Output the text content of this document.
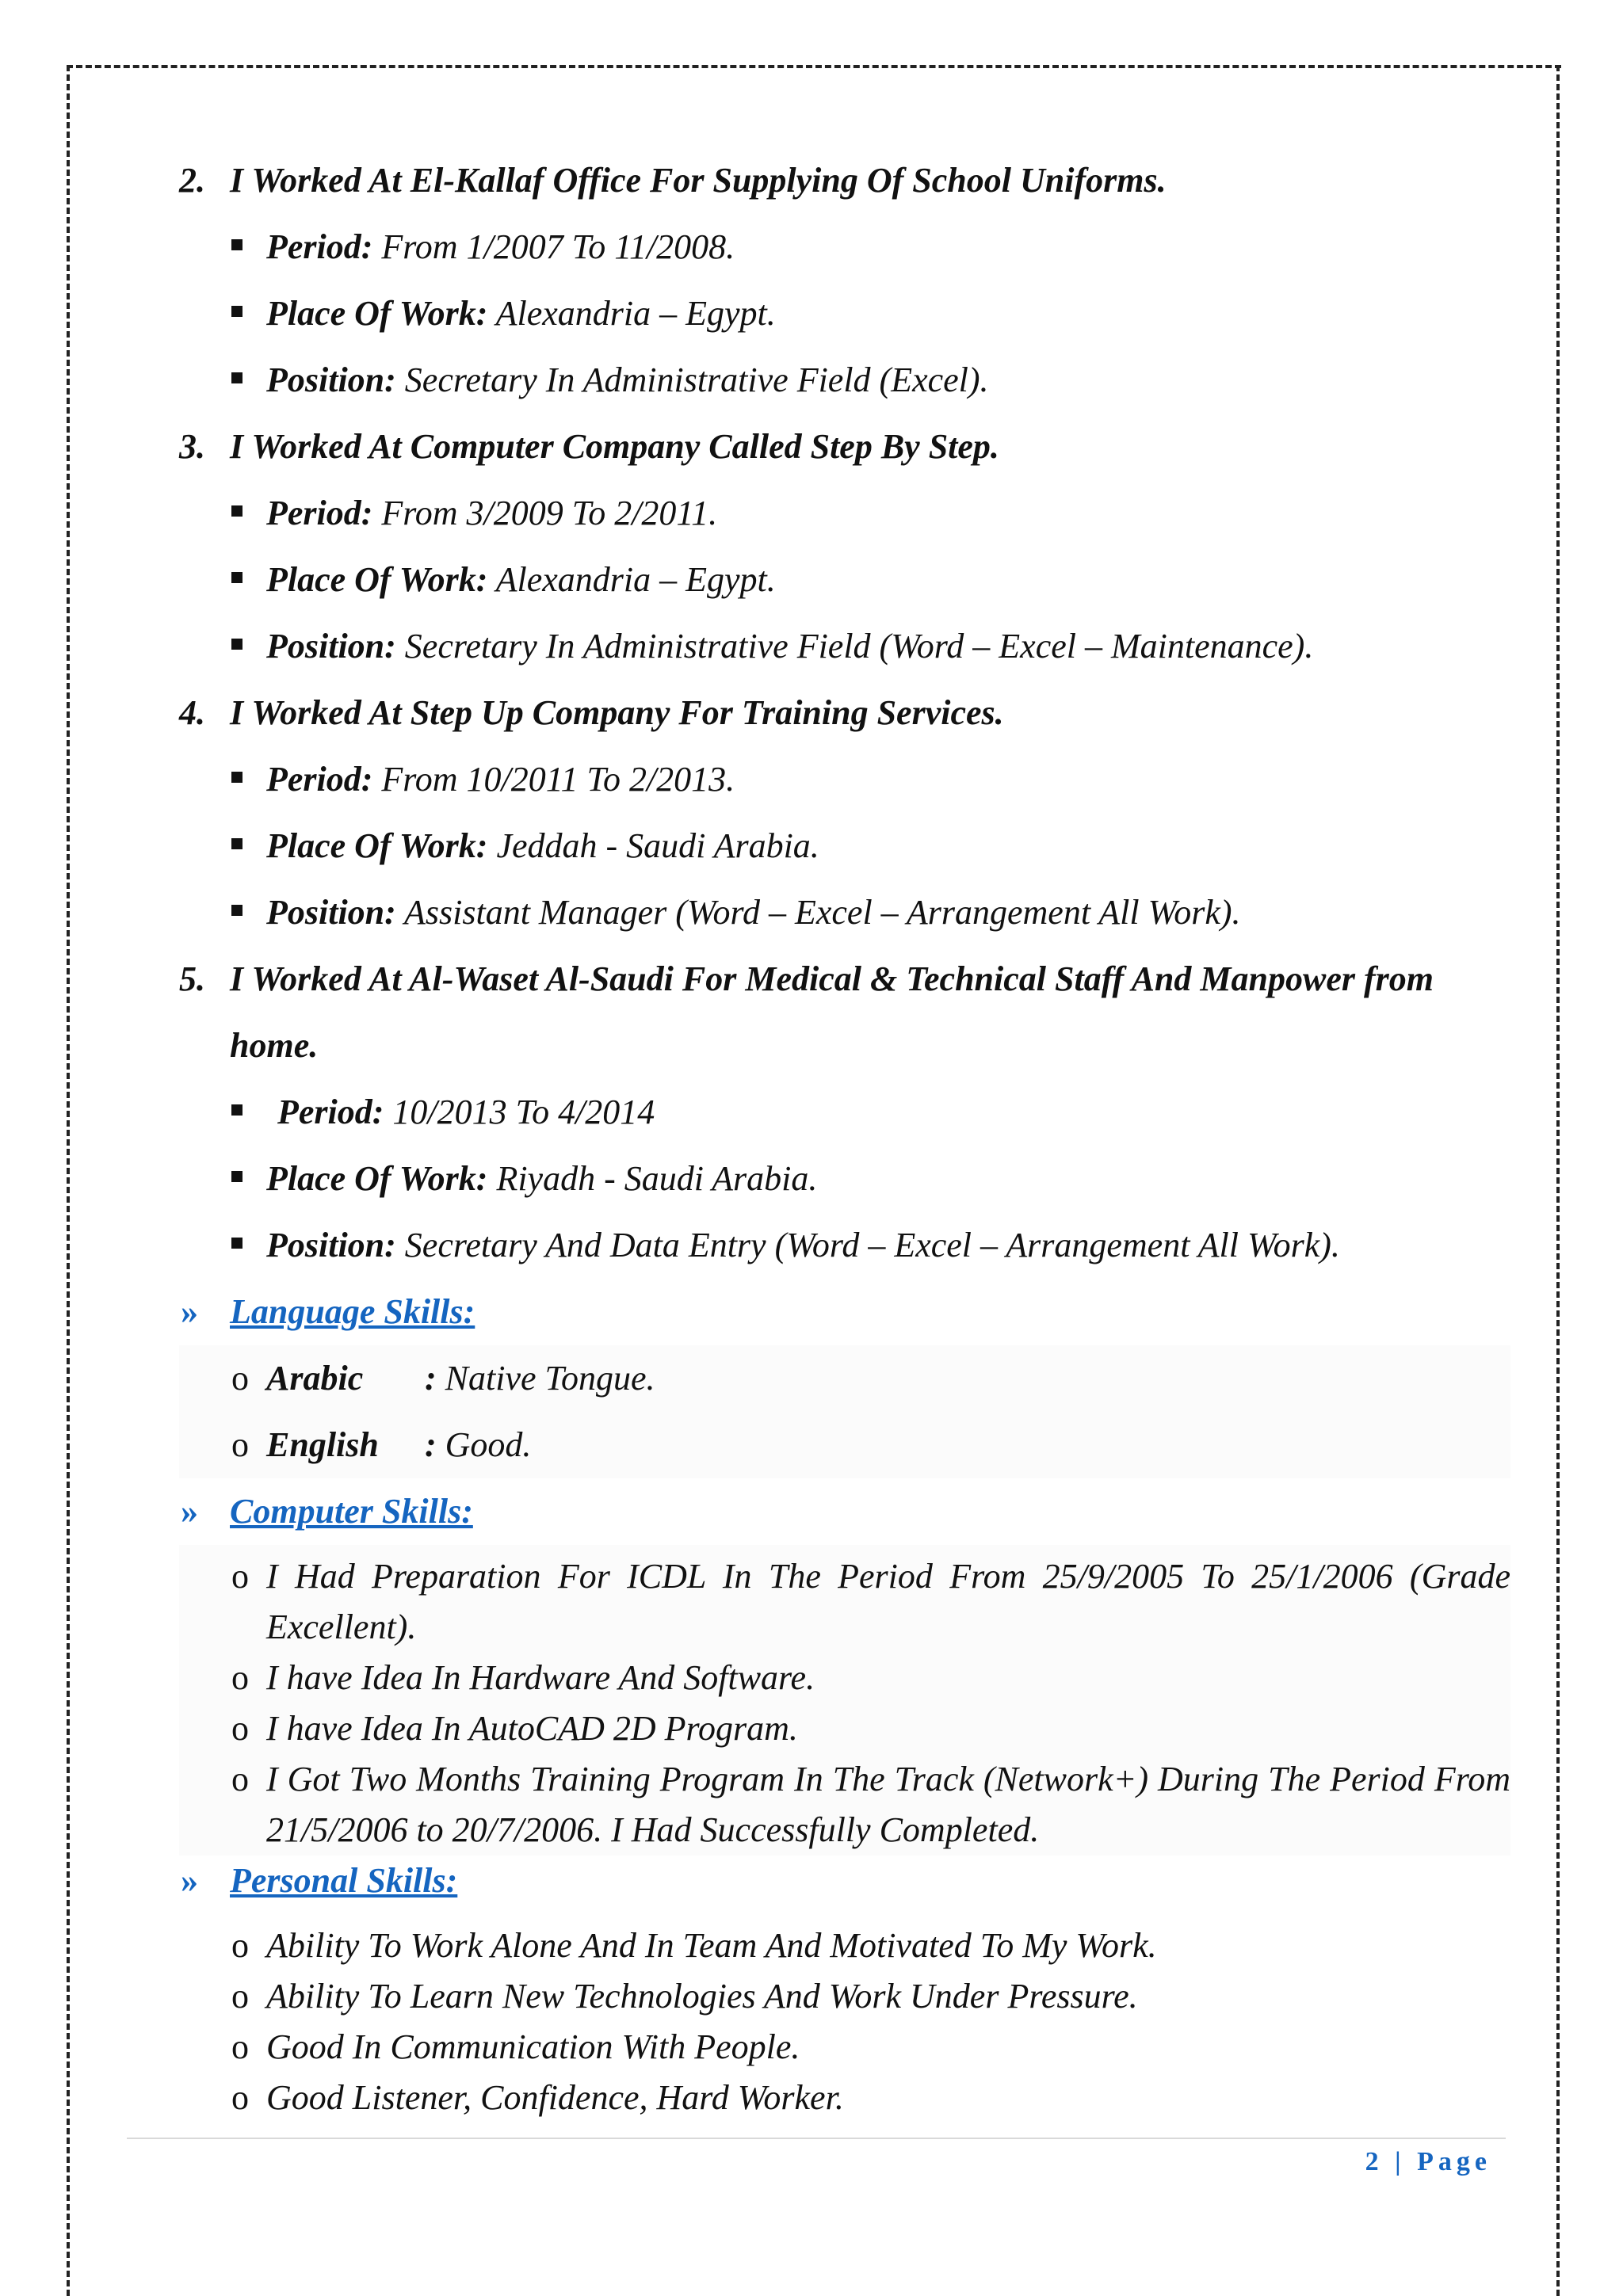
2. I Worked At El-Kallaf Office For Supplying Of School Uniforms.
Period: From 1/2007 To 11/2008.
Place Of Work: Alexandria – Egypt.
Position: Secretary In Administrative Field (Excel).
3. I Worked At Computer Company Called Step By Step.
Period: From 3/2009 To 2/2011.
Place Of Work: Alexandria – Egypt.
Position: Secretary In Administrative Field (Word – Excel – Maintenance).
4. I Worked At Step Up Company For Training Services.
Period: From 10/2011 To 2/2013.
Place Of Work: Jeddah - Saudi Arabia.
Position: Assistant Manager (Word – Excel – Arrangement All Work).
5. I Worked At Al-Waset Al-Saudi For Medical & Technical Staff And Manpower from home.
Period: 10/2013 To 4/2014
Place Of Work: Riyadh - Saudi Arabia.
Position: Secretary And Data Entry (Word – Excel – Arrangement All Work).
» Language Skills:
o Arabic : Native Tongue.
o English : Good.
» Computer Skills:
o I Had Preparation For ICDL In The Period From 25/9/2005 To 25/1/2006 (Grade Excellent).
o I have Idea In Hardware And Software.
o I have Idea In AutoCAD 2D Program.
o I Got Two Months Training Program In The Track (Network+) During The Period From 21/5/2006 to 20/7/2006. I Had Successfully Completed.
» Personal Skills:
o Ability To Work Alone And In Team And Motivated To My Work.
o Ability To Learn New Technologies And Work Under Pressure.
o Good In Communication With People.
o Good Listener, Confidence, Hard Worker.
2 | Page
